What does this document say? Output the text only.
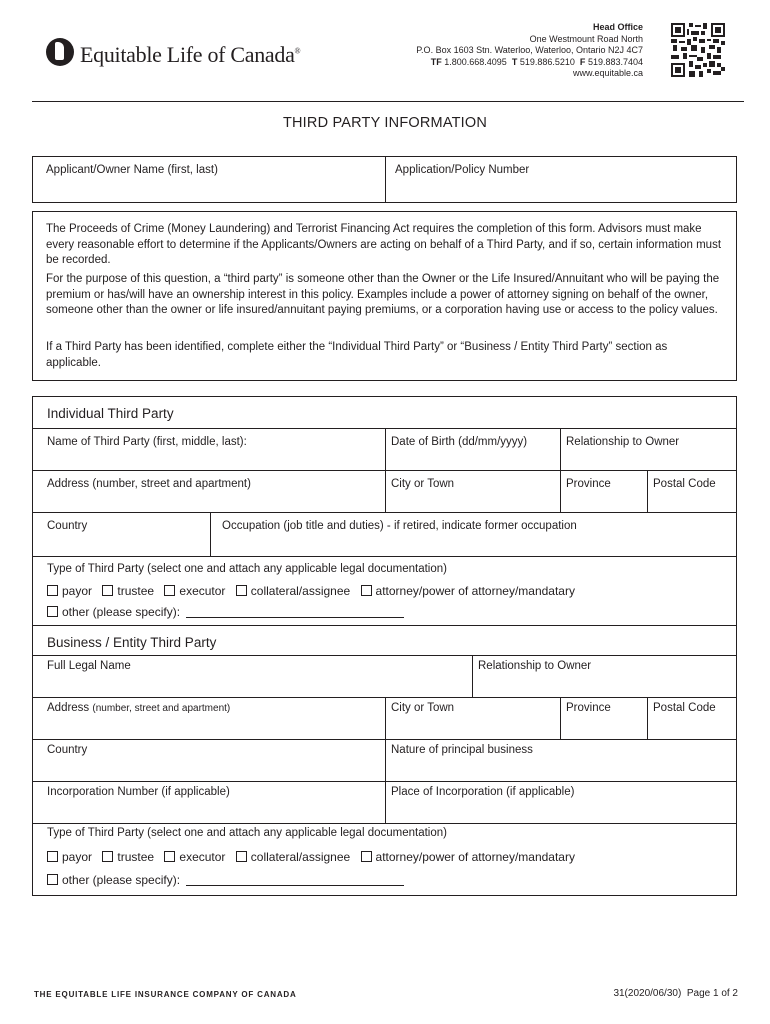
Equitable Life of Canada®
Head Office
One Westmount Road North
P.O. Box 1603 Stn. Waterloo, Waterloo, Ontario N2J 4C7
TF 1.800.668.4095 T 519.886.5210 F 519.883.7404
www.equitable.ca
THIRD PARTY INFORMATION
Applicant/Owner Name (first, last)	Application/Policy Number
The Proceeds of Crime (Money Laundering) and Terrorist Financing Act requires the completion of this form. Advisors must make every reasonable effort to determine if the Applicants/Owners are acting on behalf of a Third Party, and if so, certain information must be recorded.
For the purpose of this question, a “third party” is someone other than the Owner or the Life Insured/Annuitant who will be paying the premium or has/will have an ownership interest in this policy. Examples include a power of attorney signing on behalf of the owner, someone other than the owner or life insured/annuitant paying premiums, or a corporation having use or access to the policy values.
If a Third Party has been identified, complete either the “Individual Third Party” or “Business / Entity Third Party” section as applicable.
Individual Third Party
Name of Third Party (first, middle, last):	Date of Birth (dd/mm/yyyy)	Relationship to Owner
Address (number, street and apartment)	City or Town	Province	Postal Code
Country	Occupation (job title and duties) - if retired, indicate former occupation
Type of Third Party (select one and attach any applicable legal documentation)
payor trustee executor collateral/assignee attorney/power of attorney/mandatary
other (please specify):
Business / Entity Third Party
Full Legal Name	Relationship to Owner
Address (number, street and apartment)	City or Town	Province	Postal Code
Country	Nature of principal business
Incorporation Number (if applicable)	Place of Incorporation (if applicable)
Type of Third Party (select one and attach any applicable legal documentation)
payor trustee executor collateral/assignee attorney/power of attorney/mandatary
other (please specify):
THE EQUITABLE LIFE INSURANCE COMPANY OF CANADA	31(2020/06/30) Page 1 of 2
